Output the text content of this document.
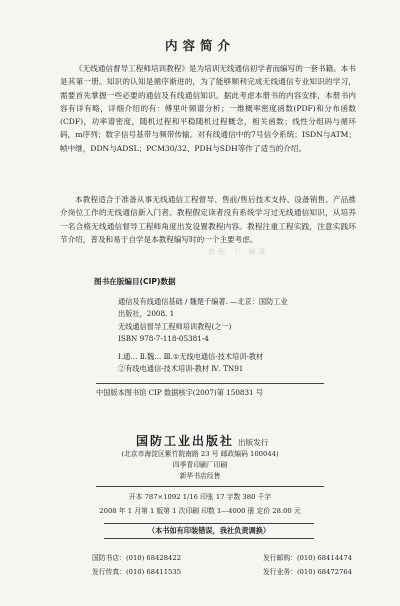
内容简介

《无线通信督导工程师培训教程》是为培训无线通信初学者而编写的一套书籍。本书是其第一册。知识的认知是循序渐进的，为了能够顺利完成无线通信专业知识的学习，需要首先掌握一些必要的通信及有线通信知识。据此考虑本册书的内容安排，本册书内容有详有略，详细介绍的有：傅里叶频谱分析；一维概率密度函数(PDF)和分布函数(CDF)，功率谱密度，随机过程和平稳随机过程概念，相关函数；线性分组码与循环码，m序列；数字信号基带与频带传输。对有线通信中的7号信令系统；ISDN与ATM；帧中继，DDN与ADSL；PCM30/32、PDH与SDH等作了适当的介绍。

本教程适合于准备从事无线通信工程督导、售前/售后技术支持、设备销售、产品推介岗位工作的无线通信新入门者。教程假定读者没有系统学习过无线通信知识，从培养一名合格无线通信督导工程师角度出发设置教程内容。教程注重工程实践，注意实践环节介绍，普及和易于自学是本教程编写时的一个主要考虑。

教程 十 编著
图书在版编目(CIP)数据
通信及有线通信基础 / 魏楚千编著. —北京：国防工业
出版社，2008. 1
无线通信督导工程师培训教程(之一)
ISBN 978-7-118-05381-4
Ⅰ.通… Ⅱ.魏… Ⅲ.①无线电通信-技术培训-教材
②有线电通信-技术培训-教材 Ⅳ. TN91
中国版本图书馆 CIP 数据核字(2007)第 150831 号
国防工业出版社 出版发行
(北京市海淀区紫竹院南路 23 号 邮政编码 100044)
四季青印刷厂印刷
新华书店经售
开本 787×1092 1/16 印张 17 字数 380 千字
2008 年 1 月第 1 版第 1 次印刷 印数 1—4000 册 定价 28.00 元
（本书如有印装错误，我社负责调换）
国防书店：(010) 68428422	发行邮购：(010) 68414474
发行传真：(010) 68411535	发行业务：(010) 68472764
